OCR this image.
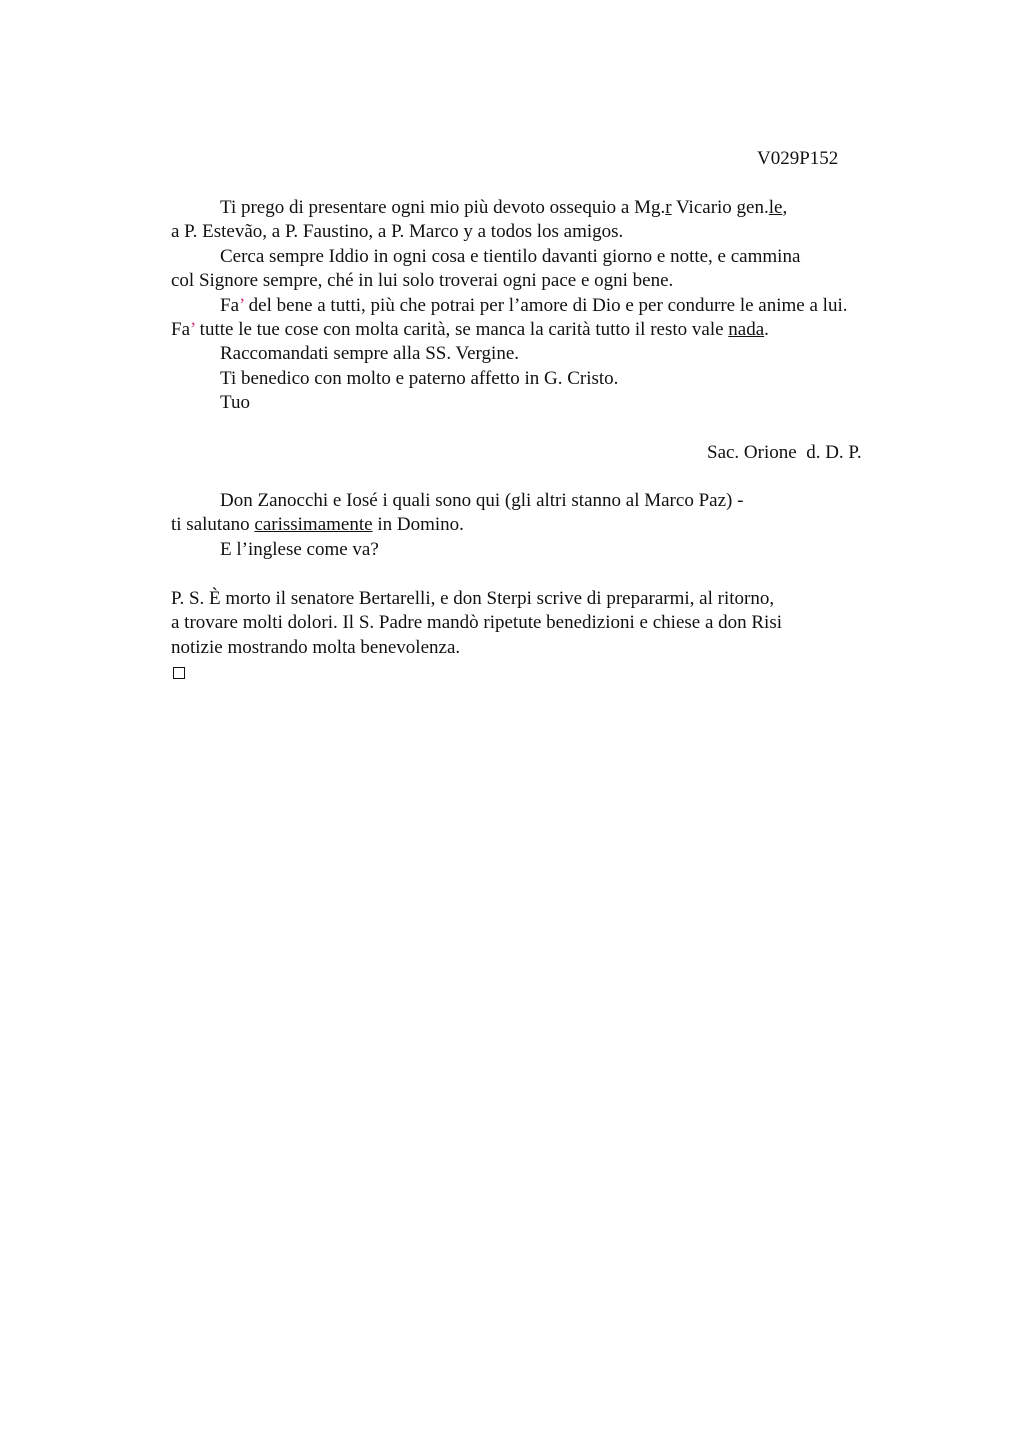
V029P152
Ti prego di presentare ogni mio più devoto ossequio a Mg.r Vicario gen.le,
a P. Estevão, a P. Faustino, a P. Marco y a todos los amigos.
Cerca sempre Iddio in ogni cosa e tientilo davanti giorno e notte, e cammina
col Signore sempre, ché in lui solo troverai ogni pace e ogni bene.
Fa’ del bene a tutti, più che potrai per l’amore di Dio e per condurre le anime a lui.
Fa’ tutte le tue cose con molta carità, se manca la carità tutto il resto vale nada.
Raccomandati sempre alla SS. Vergine.
Ti benedico con molto e paterno affetto in G. Cristo.
Tuo
Sac. Orione  d. D. P.
Don Zanocchi e Iosé i quali sono qui (gli altri stanno al Marco Paz) -
ti salutano carissimamente in Domino.
E l’inglese come va?
P. S. È morto il senatore Bertarelli, e don Sterpi scrive di prepararmi, al ritorno,
a trovare molti dolori. Il S. Padre mandò ripetute benedizioni e chiese a don Risi
notizie mostrando molta benevolenza.
